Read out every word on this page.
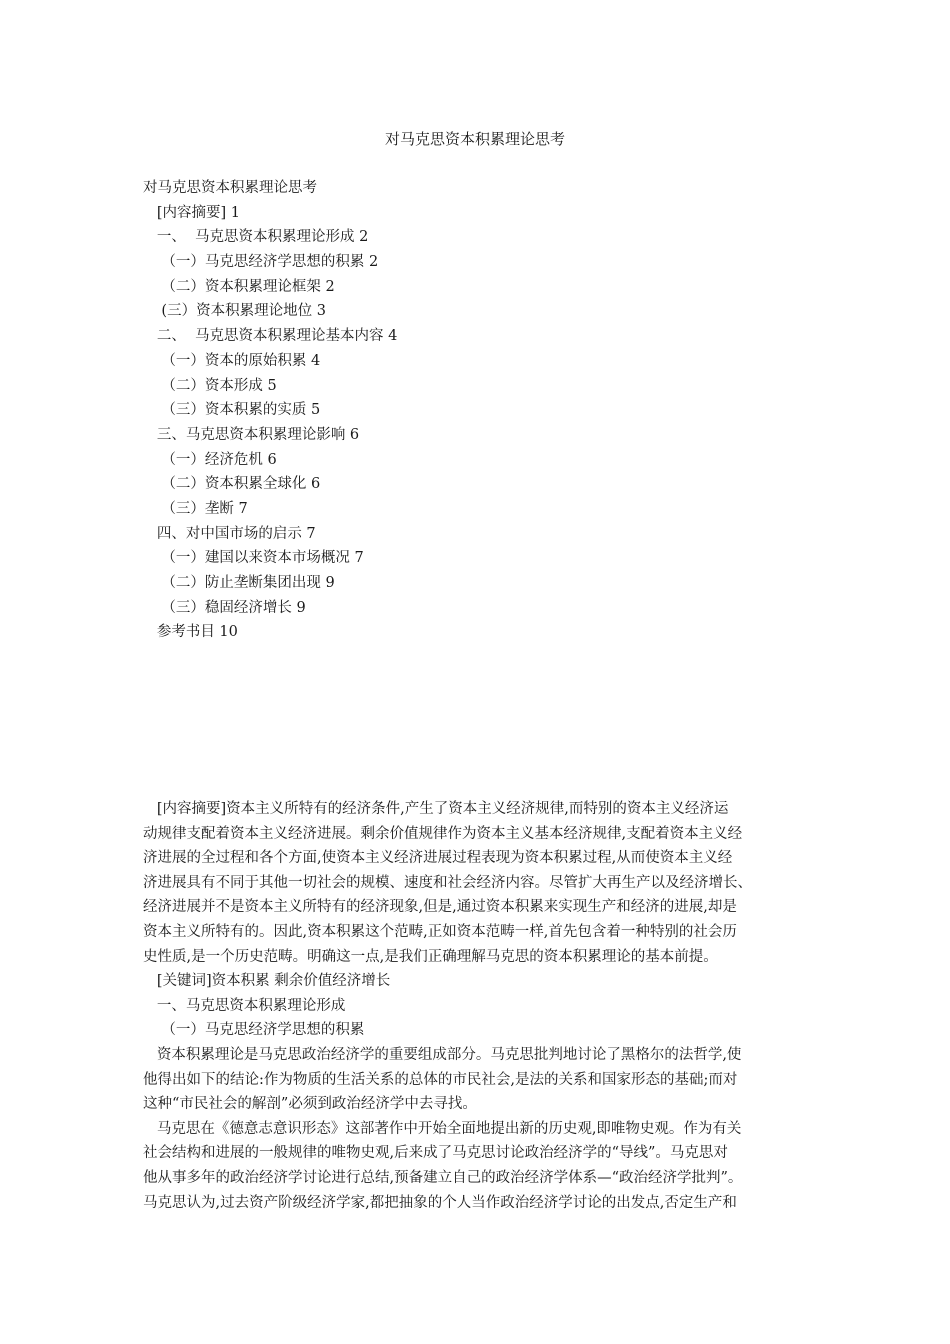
对马克思资本积累理论思考
对马克思资本积累理论思考
[内容摘要] 1
一、  马克思资本积累理论形成 2
（一）马克思经济学思想的积累 2
（二）资本积累理论框架 2
(三）资本积累理论地位 3
二、  马克思资本积累理论基本内容 4
（一）资本的原始积累 4
（二）资本形成 5
（三）资本积累的实质 5
三、马克思资本积累理论影响 6
（一）经济危机 6
（二）资本积累全球化 6
（三）垄断 7
四、对中国市场的启示 7
（一）建国以来资本市场概况 7
（二）防止垄断集团出现 9
（三）稳固经济增长 9
参考书目 10
[内容摘要]资本主义所特有的经济条件,产生了资本主义经济规律,而特别的资本主义经济运
动规律支配着资本主义经济进展。剩余价值规律作为资本主义基本经济规律,支配着资本主义经
济进展的全过程和各个方面,使资本主义经济进展过程表现为资本积累过程,从而使资本主义经
济进展具有不同于其他一切社会的规模、速度和社会经济内容。尽管扩大再生产以及经济增长、
经济进展并不是资本主义所特有的经济现象,但是,通过资本积累来实现生产和经济的进展,却是
资本主义所特有的。因此,资本积累这个范畴,正如资本范畴一样,首先包含着一种特别的社会历
史性质,是一个历史范畴。明确这一点,是我们正确理解马克思的资本积累理论的基本前提。
[关键词]资本积累 剩余价值经济增长
一、马克思资本积累理论形成
（一）马克思经济学思想的积累
资本积累理论是马克思政治经济学的重要组成部分。马克思批判地讨论了黑格尔的法哲学,使
他得出如下的结论:作为物质的生活关系的总体的市民社会,是法的关系和国家形态的基础;而对
这种“市民社会的解剖”必须到政治经济学中去寻找。
马克思在《德意志意识形态》这部著作中开始全面地提出新的历史观,即唯物史观。作为有关
社会结构和进展的一般规律的唯物史观,后来成了马克思讨论政治经济学的“导线”。马克思对
他从事多年的政治经济学讨论进行总结,预备建立自己的政治经济学体系—“政治经济学批判”。
马克思认为,过去资产阶级经济学家,都把抽象的个人当作政治经济学讨论的出发点,否定生产和
